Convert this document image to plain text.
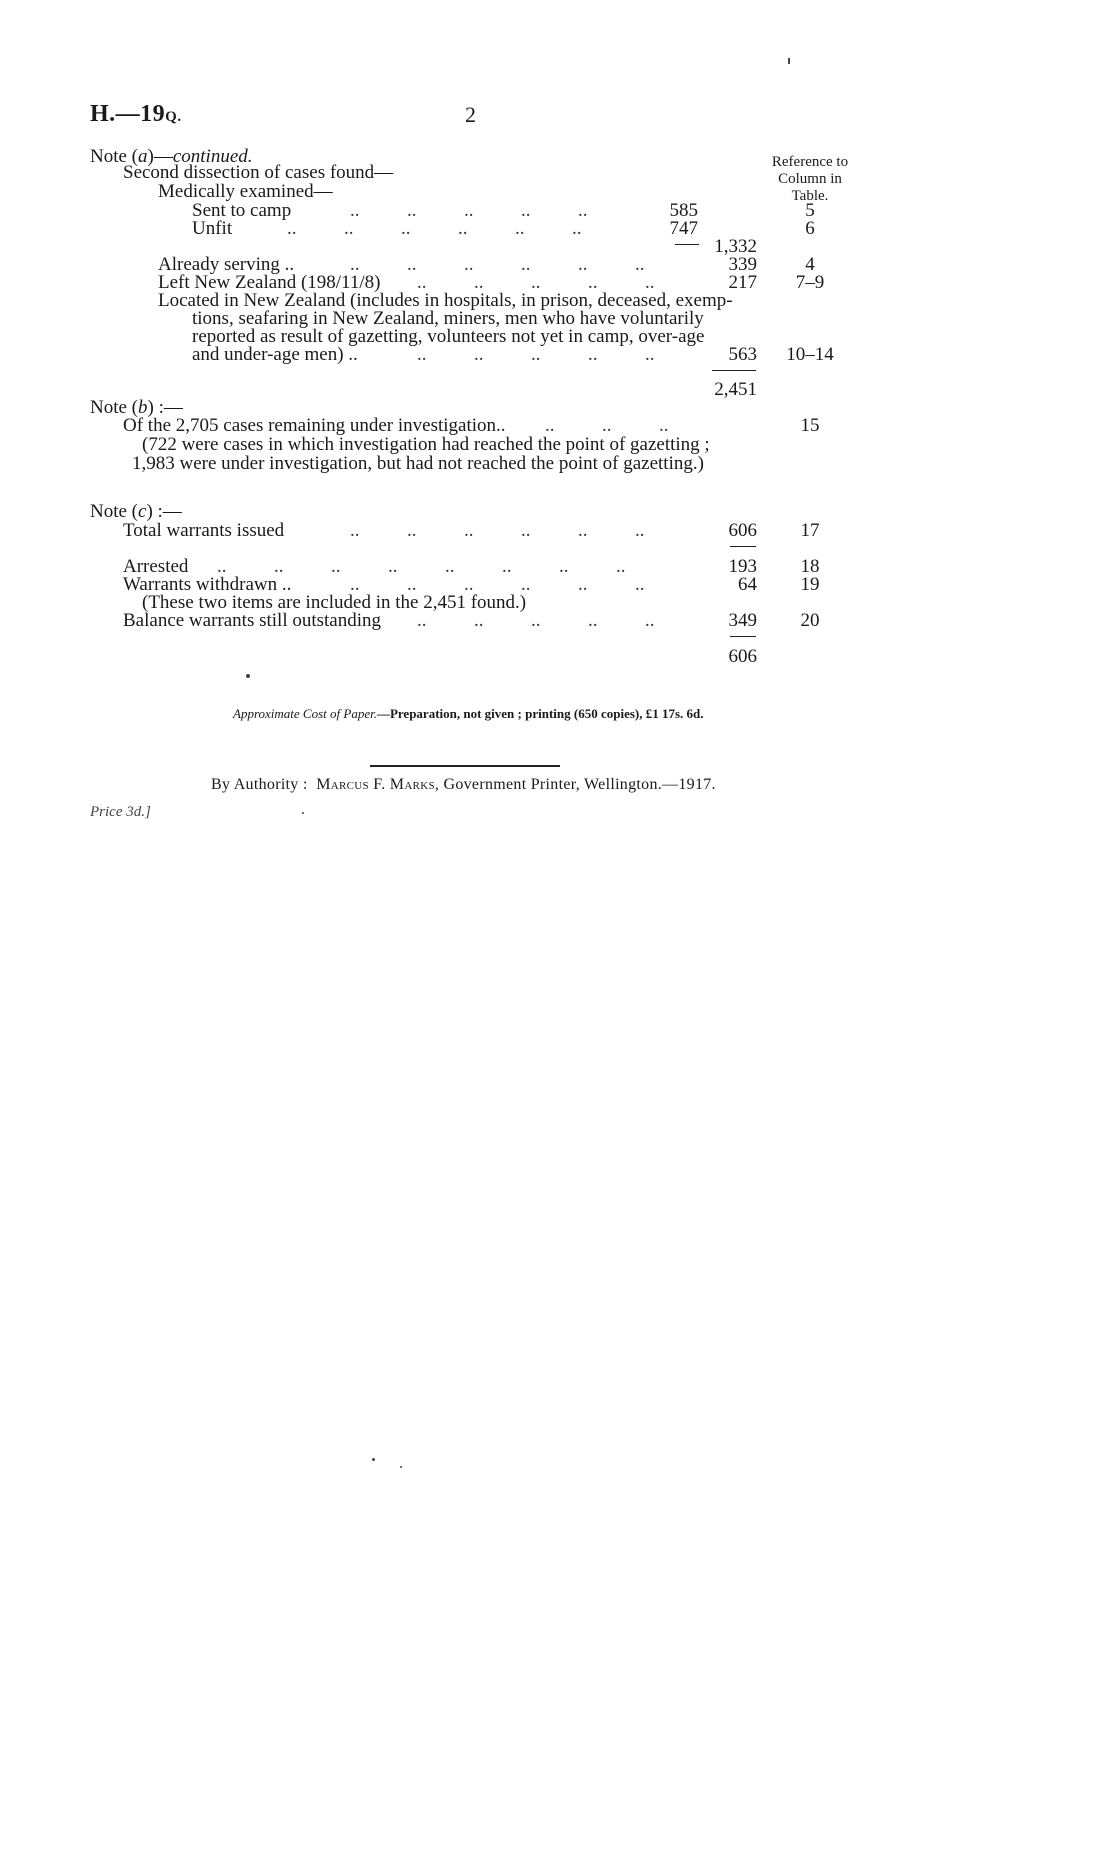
H.—19Q.	2
Reference to
Column in
Table.
Note (a)—continued.
Second dissection of cases found—
Medically examined—
Sent to camp	..          ..          ..          ..          ..	585	5
Unfit	..          ..          ..          ..          ..          ..	747	6
1,332
Already serving ..	..          ..          ..          ..          ..          ..	339	4
Left New Zealand (198/11/8) ..          ..          ..          ..          ..	217	7–9
Located in New Zealand (includes in hospitals, in prison, deceased, exemp-
tions, seafaring in New Zealand, miners, men who have voluntarily
reported as result of gazetting, volunteers not yet in camp, over-age
and under-age men) ..	..          ..          ..          ..          ..	563	10–14
2,451
Note (b) :—
Of the 2,705 cases remaining under investigation.. ..          ..          ..	15
(722 were cases in which investigation had reached the point of gazetting ;
1,983 were under investigation, but had not reached the point of gazetting.)
Note (c) :—
Total warrants issued	..          ..          ..          ..          ..          ..	606	17
Arrested ..          ..          ..          ..          ..          ..          ..          ..	193	18
Warrants withdrawn ..	..          ..          ..          ..          ..          ..	64	19
(These two items are included in the 2,451 found.)
Balance warrants still outstanding ..          ..          ..          ..          ..	349	20
606
Approximate Cost of Paper.—Preparation, not given ; printing (650 copies), £1 17s. 6d.
By Authority : Marcus F. Marks, Government Printer, Wellington.—1917.
Price 3d.]
